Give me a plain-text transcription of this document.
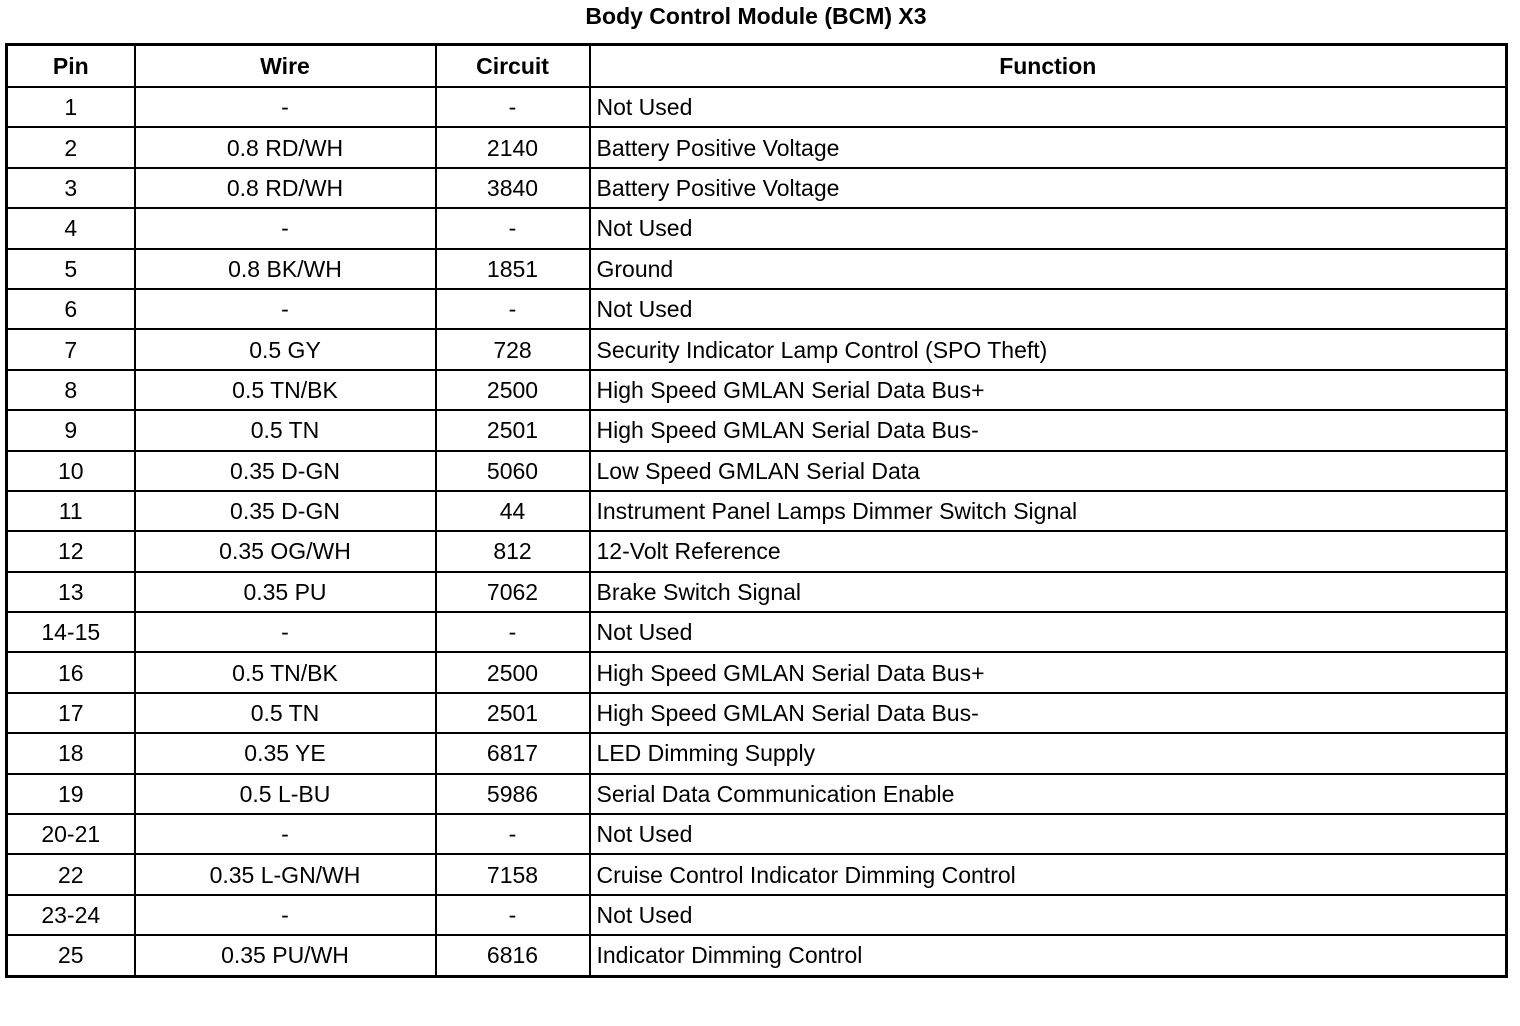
Body Control Module (BCM) X3
Pin	Wire	Circuit	Function
1	-	-	Not Used
2	0.8 RD/WH	2140	Battery Positive Voltage
3	0.8 RD/WH	3840	Battery Positive Voltage
4	-	-	Not Used
5	0.8 BK/WH	1851	Ground
6	-	-	Not Used
7	0.5 GY	728	Security Indicator Lamp Control (SPO Theft)
8	0.5 TN/BK	2500	High Speed GMLAN Serial Data Bus+
9	0.5 TN	2501	High Speed GMLAN Serial Data Bus-
10	0.35 D-GN	5060	Low Speed GMLAN Serial Data
11	0.35 D-GN	44	Instrument Panel Lamps Dimmer Switch Signal
12	0.35 OG/WH	812	12-Volt Reference
13	0.35 PU	7062	Brake Switch Signal
14-15	-	-	Not Used
16	0.5 TN/BK	2500	High Speed GMLAN Serial Data Bus+
17	0.5 TN	2501	High Speed GMLAN Serial Data Bus-
18	0.35 YE	6817	LED Dimming Supply
19	0.5 L-BU	5986	Serial Data Communication Enable
20-21	-	-	Not Used
22	0.35 L-GN/WH	7158	Cruise Control Indicator Dimming Control
23-24	-	-	Not Used
25	0.35 PU/WH	6816	Indicator Dimming Control
